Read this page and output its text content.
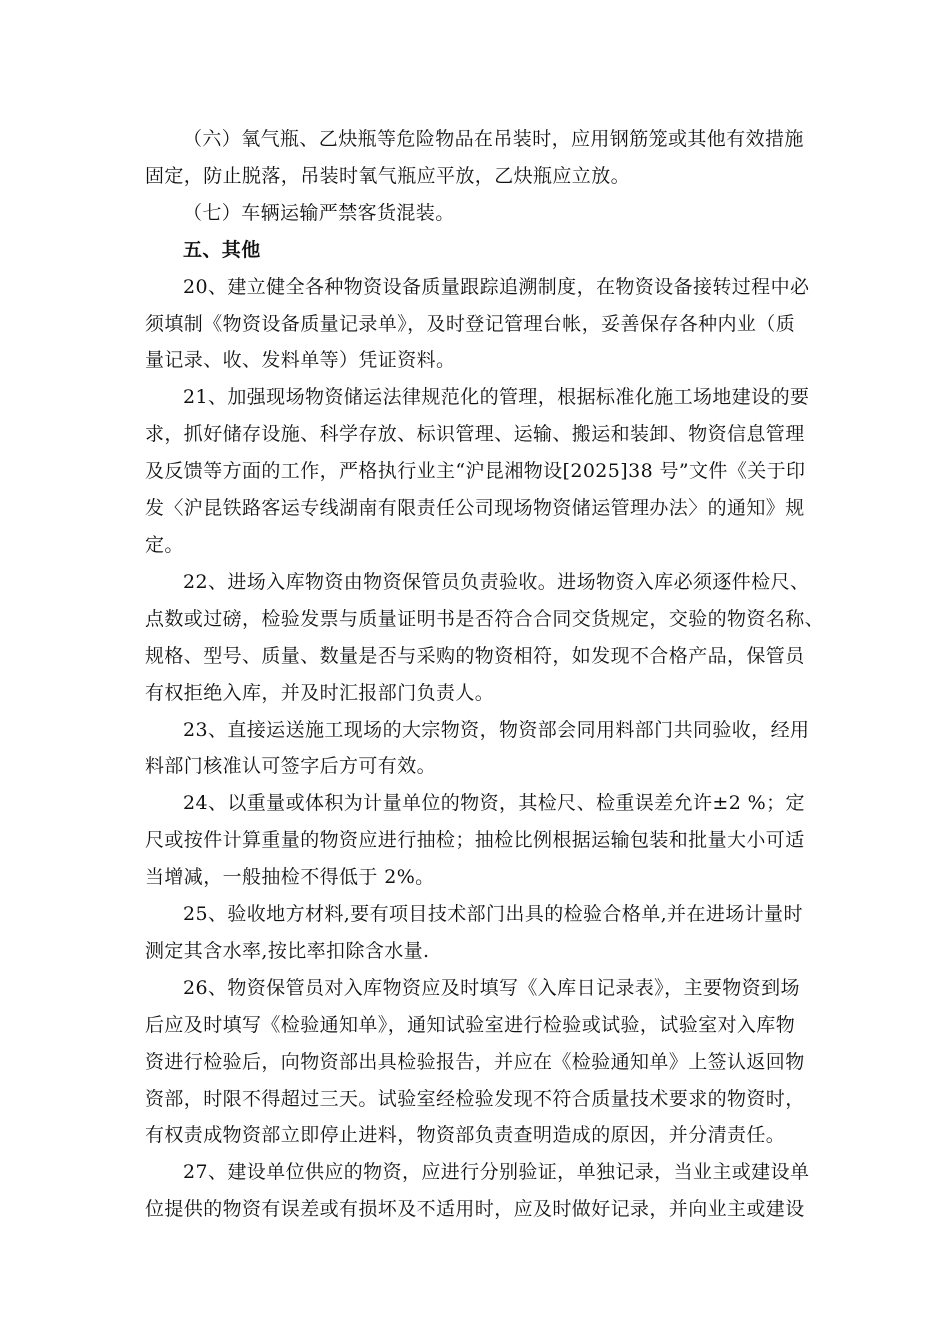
（六）氧气瓶、乙炔瓶等危险物品在吊装时，应用钢筋笼或其他有效措施
固定，防止脱落，吊装时氧气瓶应平放，乙炔瓶应立放。
（七）车辆运输严禁客货混装。
五、其他
20、建立健全各种物资设备质量跟踪追溯制度，在物资设备接转过程中必
须填制《物资设备质量记录单》，及时登记管理台帐，妥善保存各种内业（质
量记录、收、发料单等）凭证资料。
21、加强现场物资储运法律规范化的管理，根据标准化施工场地建设的要
求，抓好储存设施、科学存放、标识管理、运输、搬运和装卸、物资信息管理
及反馈等方面的工作，严格执行业主“沪昆湘物设[2025]38 号”文件《关于印
发〈沪昆铁路客运专线湖南有限责任公司现场物资储运管理办法〉的通知》规
定。
22、进场入库物资由物资保管员负责验收。进场物资入库必须逐件检尺、
点数或过磅，检验发票与质量证明书是否符合合同交货规定，交验的物资名称、
规格、型号、质量、数量是否与采购的物资相符，如发现不合格产品，保管员
有权拒绝入库，并及时汇报部门负责人。
23、直接运送施工现场的大宗物资，物资部会同用料部门共同验收，经用
料部门核准认可签字后方可有效。
24、以重量或体积为计量单位的物资，其检尺、检重误差允许±2 %；定
尺或按件计算重量的物资应进行抽检；抽检比例根据运输包装和批量大小可适
当增减，一般抽检不得低于 2%。
25、验收地方材料,要有项目技术部门出具的检验合格单,并在进场计量时
测定其含水率,按比率扣除含水量.
26、物资保管员对入库物资应及时填写《入库日记录表》，主要物资到场
后应及时填写《检验通知单》，通知试验室进行检验或试验，试验室对入库物
资进行检验后，向物资部出具检验报告，并应在《检验通知单》上签认返回物
资部，时限不得超过三天。试验室经检验发现不符合质量技术要求的物资时，
有权责成物资部立即停止进料，物资部负责查明造成的原因，并分清责任。
27、建设单位供应的物资，应进行分别验证，单独记录，当业主或建设单
位提供的物资有误差或有损坏及不适用时，应及时做好记录，并向业主或建设
